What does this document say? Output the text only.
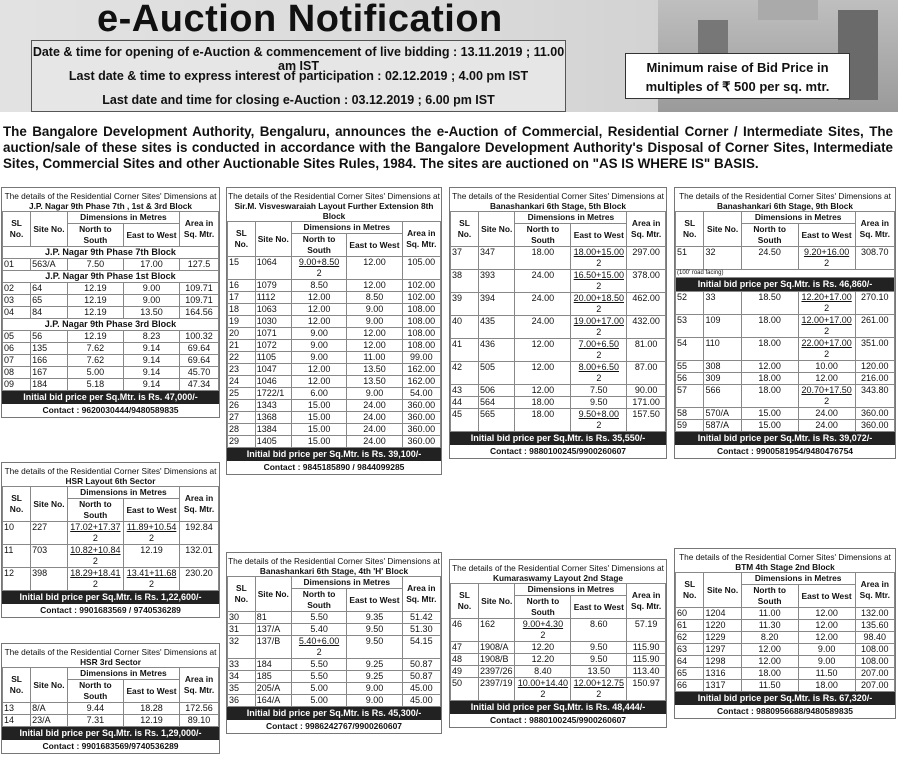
e-Auction Notification
Date & time for opening of e-Auction & commencement of live bidding : 13.11.2019 ; 11.00 am IST
Last date & time to express interest of participation : 02.12.2019 ; 4.00 pm IST
Last date and time for closing e-Auction : 03.12.2019 ; 6.00 pm IST
Minimum raise of Bid Price in
multiples of ₹ 500 per sq. mtr.
The Bangalore Development Authority, Bengaluru, announces the e-Auction of Commercial, Residential Corner / Intermediate Sites, The auction/sale of these sites is conducted in accordance with the Bangalore Development Authority's Disposal of Corner Sites, Intermediate Sites, Commercial Sites and other Auctionable Sites Rules, 1984. The sites are auctioned on "AS IS WHERE IS" BASIS.
The details of the Residential Corner Sites' Dimensions at
J.P. Nagar 9th Phase 7th , 1st & 3rd Block
SL No.	Site No.	Dimensions in Metres		Area in Sq. Mtr.
		North to South	East to West	
J.P. Nagar 9th Phase 7th Block				
01	563/A	7.50	17.00	127.5
J.P. Nagar 9th Phase 1st Block				
02	64	12.19	9.00	109.71
03	65	12.19	9.00	109.71
04	84	12.19	13.50	164.56
J.P. Nagar 9th Phase 3rd Block				
05	56	12.19	8.23	100.32
06	135	7.62	9.14	69.64
07	166	7.62	9.14	69.64
08	167	5.00	9.14	45.70
09	184	5.18	9.14	47.34
Initial bid price per Sq.Mtr. is Rs. 47,000/-
Contact : 9620030444/9480589835
The details of the Residential Corner Sites' Dimensions at
HSR Layout 6th Sector
SL No.	Site No.	Dimensions in Metres		Area in Sq. Mtr.
		North to South	East to West	
10	227	$\frac{17.02+17.37}{2}$	$\frac{11.89+10.54}{2}$	192.84
11	703	$\frac{10.82+10.84}{2}$	12.19	132.01
12	398	$\frac{18.29+18.41}{2}$	$\frac{13.41+11.68}{2}$	230.20
Initial bid price per Sq.Mtr. is Rs. 1,22,600/-
Contact : 9901683569 / 9740536289
The details of the Residential Corner Sites' Dimensions at
HSR 3rd Sector
SL No.	Site No.	Dimensions in Metres		Area in Sq. Mtr.
		North to South	East to West	
13	8/A	9.44	18.28	172.56
14	23/A	7.31	12.19	89.10
Initial bid price per Sq.Mtr. is Rs. 1,29,000/-
Contact : 9901683569/9740536289
The details of the Residential Corner Sites' Dimensions at
Sir.M. Visveswaraiah Layout Further Extension 8th Block
SL No.	Site No.	Dimensions in Metres		Area in Sq. Mtr.
		North to South	East to West	
15	1064	$\frac{9.00+8.50}{2}$	12.00	105.00
16	1079	8.50	12.00	102.00
17	1112	12.00	8.50	102.00
18	1063	12.00	9.00	108.00
19	1030	12.00	9.00	108.00
20	1071	9.00	12.00	108.00
21	1072	9.00	12.00	108.00
22	1105	9.00	11.00	99.00
23	1047	12.00	13.50	162.00
24	1046	12.00	13.50	162.00
25	1722/1	6.00	9.00	54.00
26	1343	15.00	24.00	360.00
27	1368	15.00	24.00	360.00
28	1384	15.00	24.00	360.00
29	1405	15.00	24.00	360.00
Initial bid price per Sq.Mtr. is Rs. 39,100/-
Contact : 9845185890 / 9844099285
The details of the Residential Corner Sites' Dimensions at
Banashankari 6th Stage, 4th 'H' Block
SL No.	Site No.	Dimensions in Metres		Area in Sq. Mtr.
		North to South	East to West	
30	81	5.50	9.35	51.42
31	137/A	5.40	9.50	51.30
32	137/B	$\frac{5.40+6.00}{2}$	9.50	54.15
33	184	5.50	9.25	50.87
34	185	5.50	9.25	50.87
35	205/A	5.00	9.00	45.00
36	164/A	5.00	9.00	45.00
Initial bid price per Sq.Mtr. is Rs. 45,300/-
Contact : 9986242767/9900260607
The details of the Residential Corner Sites' Dimensions at
Banashankari 6th Stage, 5th Block
SL No.	Site No.	Dimensions in Metres		Area in Sq. Mtr.
		North to South	East to West	
37	347	18.00	$\frac{18.00+15.00}{2}$	297.00
38	393	24.00	$\frac{16.50+15.00}{2}$	378.00
39	394	24.00	$\frac{20.00+18.50}{2}$	462.00
40	435	24.00	$\frac{19.00+17.00}{2}$	432.00
41	436	12.00	$\frac{7.00+6.50}{2}$	81.00
42	505	12.00	$\frac{8.00+6.50}{2}$	87.00
43	506	12.00	7.50	90.00
44	564	18.00	9.50	171.00
45	565	18.00	$\frac{9.50+8.00}{2}$	157.50
Initial bid price per Sq.Mtr. is Rs. 35,550/-
Contact : 9880100245/9900260607
The details of the Residential Corner Sites' Dimensions at
Kumaraswamy Layout 2nd Stage
SL No.	Site No.	Dimensions in Metres		Area in Sq. Mtr.
		North to South	East to West	
46	162	$\frac{9.00+4.30}{2}$	8.60	57.19
47	1908/A	12.20	9.50	115.90
48	1908/B	12.20	9.50	115.90
49	2397/26	8.40	13.50	113.40
50	2397/19	$\frac{10.00+14.40}{2}$	$\frac{12.00+12.75}{2}$	150.97
Initial bid price per Sq.Mtr. is Rs. 48,444/-
Contact : 9880100245/9900260607
The details of the Residential Corner Sites' Dimensions at
Banashankari 6th Stage, 9th Block
SL No.	Site No.	Dimensions in Metres		Area in Sq. Mtr.
		North to South	East to West	
51	32	24.50	$\frac{9.20+16.00}{2}$	308.70
(100' road facing)				
Initial bid price per Sq.Mtr. is Rs. 46,860/-				
52	33	18.50	$\frac{12.20+17.00}{2}$	270.10
53	109	18.00	$\frac{12.00+17.00}{2}$	261.00
54	110	18.00	$\frac{22.00+17.00}{2}$	351.00
55	308	12.00	10.00	120.00
56	309	18.00	12.00	216.00
57	566	18.00	$\frac{20.70+17.50}{2}$	343.80
58	570/A	15.00	24.00	360.00
59	587/A	15.00	24.00	360.00
Initial bid price per Sq.Mtr. is Rs. 39,072/-
Contact : 9900581954/9480476754
The details of the Residential Corner Sites' Dimensions at
BTM 4th Stage 2nd Block
SL No.	Site No.	Dimensions in Metres		Area in Sq. Mtr.
		North to South	East to West	
60	1204	11.00	12.00	132.00
61	1220	11.30	12.00	135.60
62	1229	8.20	12.00	98.40
63	1297	12.00	9.00	108.00
64	1298	12.00	9.00	108.00
65	1316	18.00	11.50	207.00
66	1317	11.50	18.00	207.00
Initial bid price per Sq.Mtr. is Rs. 67,320/-
Contact : 9880956688/9480589835
